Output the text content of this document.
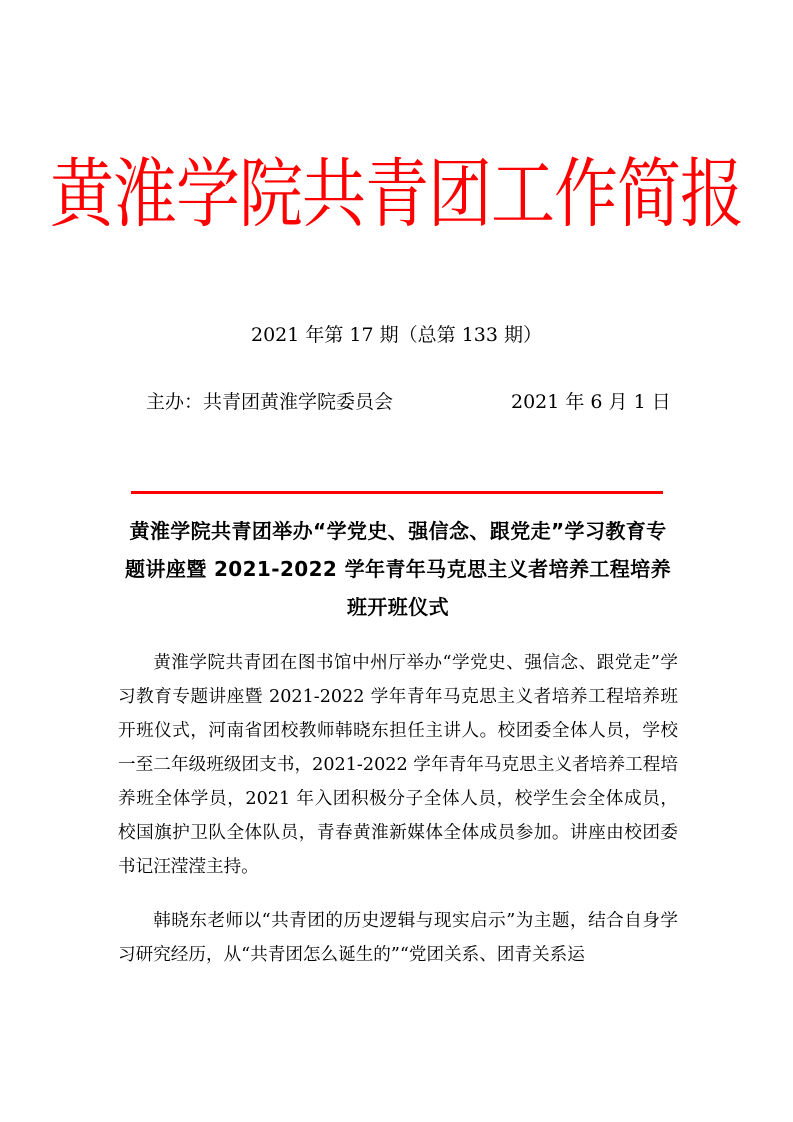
黄淮学院共青团工作简报
2021 年第 17 期（总第 133 期）
主办：共青团黄淮学院委员会	2021 年 6 月 1 日
黄淮学院共青团举办“学党史、强信念、跟党走”学习教育专题讲座暨 2021-2022 学年青年马克思主义者培养工程培养班开班仪式

黄淮学院共青团在图书馆中州厅举办“学党史、强信念、跟党走”学习教育专题讲座暨 2021-2022 学年青年马克思主义者培养工程培养班开班仪式，河南省团校教师韩晓东担任主讲人。校团委全体人员，学校一至二年级班级团支书，2021-2022 学年青年马克思主义者培养工程培养班全体学员，2021 年入团积极分子全体人员，校学生会全体成员，校国旗护卫队全体队员，青春黄淮新媒体全体成员参加。讲座由校团委书记汪滢滢主持。

韩晓东老师以“共青团的历史逻辑与现实启示”为主题，结合自身学习研究经历，从“共青团怎么诞生的”“党团关系、团青关系运
